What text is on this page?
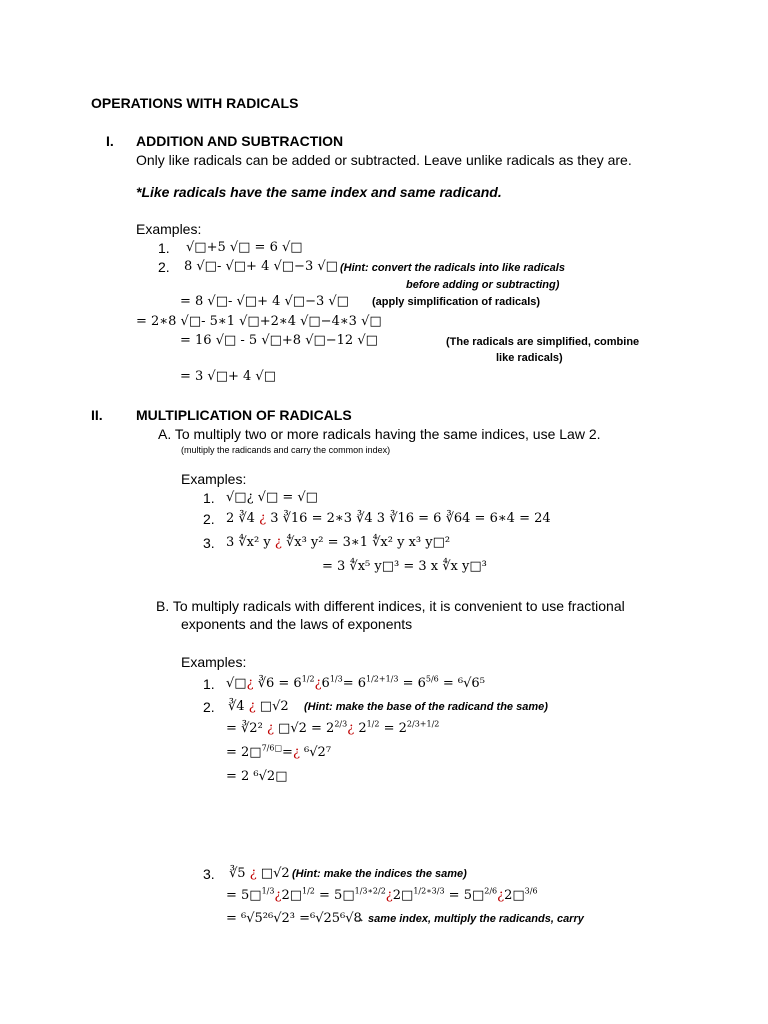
OPERATIONS WITH RADICALS
I. ADDITION AND SUBTRACTION
Only like radicals can be added or subtracted. Leave unlike radicals as they are.
*Like radicals have the same index and same radicand.
Examples:
1. √□+5 √□ = 6 √□
2. 8 √□- √□+ 4 √□−3 √□ (Hint: convert the radicals into like radicals
before adding or subtracting)
= 8 √□- √□+ 4 √□−3 √□ (apply simplification of radicals)
= 2∗8 √□- 5∗1 √□+2∗4 √□−4∗3 √□
= 16 √□ - 5 √□+8 √□−12 √□	(The radicals are simplified, combine
like radicals)
= 3 √□+ 4 √□
II. MULTIPLICATION OF RADICALS
A. To multiply two or more radicals having the same indices, use Law 2.
(multiply the radicands and carry the common index)
Examples:
1. √□¿ √□ = √□
2. 2 ∛4 ¿ 3 ∛16 = 2∗3 ∛4 3 ∛16 = 6 ∛64 = 6∗4 = 24
3. 3 ∜x² y ¿ ∜x³ y² = 3∗1 ∜x² y x³ y□²
= 3 ∜x⁵ y□³ = 3 x ∜x y□³
B. To multiply radicals with different indices, it is convenient to use fractional
exponents and the laws of exponents
Examples:
1. √□¿ ∛6 = $6^{1/2}¿6^{1/3}= 6^{1/2+1/3} = 6^{5/6} = ^6√6^5$
2. ∛4 ¿ □√2 (Hint: make the base of the radicand the same)
= ∛2² ¿ □√2 = $2^{2/3}¿$ $2^{1/2} = 2^{2/3+1/2}$
= 2□$^{7/6□}$=¿ ⁶√2⁷
= 2 ⁶√2□
3. ∛5 ¿ □√2 (Hint: make the indices the same)
= 5□$^{1/3}$¿2□$^{1/2}$ = 5□$^{1/3∗2/2}$¿2□$^{1/2∗3/3}$ = 5□$^{2/6}$¿2□$^{3/6}$
= ⁶√5²⁶√2³ =⁶√25⁶√8
→ same index, multiply the radicands, carry
